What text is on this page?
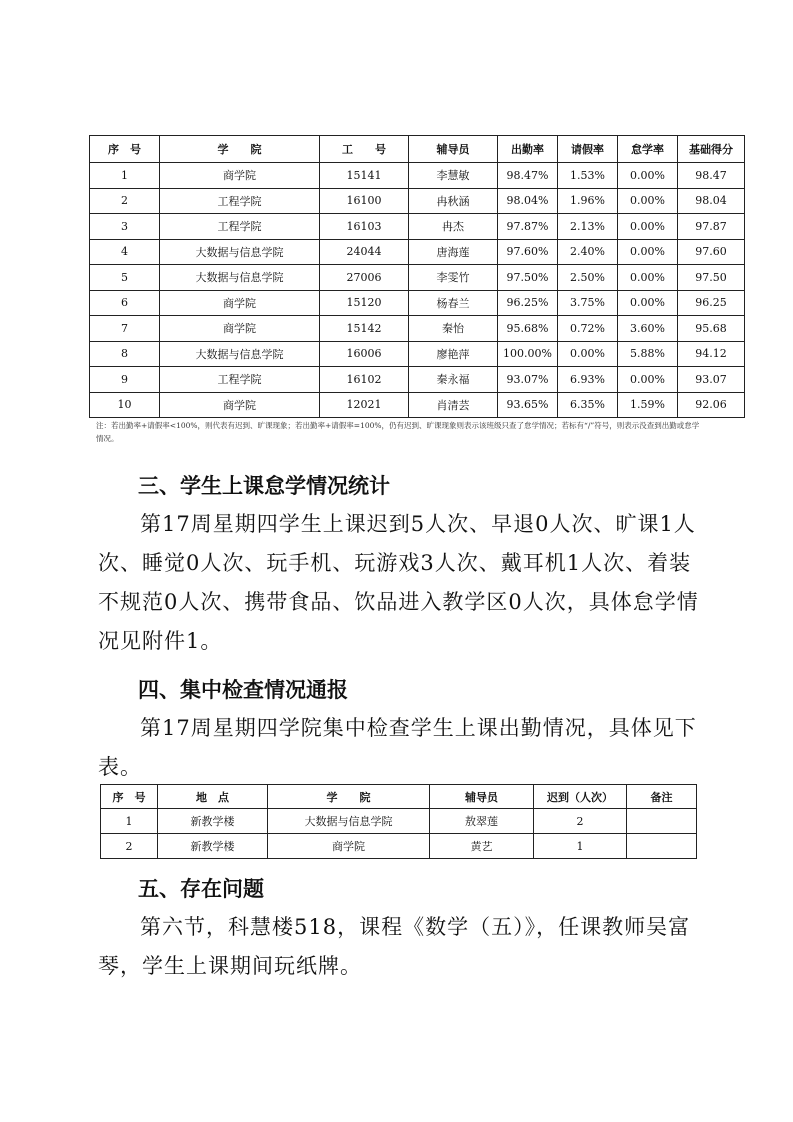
序　号	学　　院	工　　号	辅导员	出勤率	请假率	怠学率	基础得分
1	商学院	15141	李慧敏	98.47%	1.53%	0.00%	98.47
2	工程学院	16100	冉秋涵	98.04%	1.96%	0.00%	98.04
3	工程学院	16103	冉杰	97.87%	2.13%	0.00%	97.87
4	大数据与信息学院	24044	唐海莲	97.60%	2.40%	0.00%	97.60
5	大数据与信息学院	27006	李雯竹	97.50%	2.50%	0.00%	97.50
6	商学院	15120	杨春兰	96.25%	3.75%	0.00%	96.25
7	商学院	15142	秦怡	95.68%	0.72%	3.60%	95.68
8	大数据与信息学院	16006	廖艳萍	100.00%	0.00%	5.88%	94.12
9	工程学院	16102	秦永福	93.07%	6.93%	0.00%	93.07
10	商学院	12021	肖清芸	93.65%	6.35%	1.59%	92.06
注：若出勤率+请假率<100%，则代表有迟到、旷课现象；若出勤率+请假率=100%，仍有迟到、旷课现象则表示该班级只查了怠学情况；若标有“/”符号，则表示没查到出勤或怠学情况。
三、学生上课怠学情况统计
第17周星期四学生上课迟到5人次、早退0人次、旷课1人次、睡觉0人次、玩手机、玩游戏3人次、戴耳机1人次、着装不规范0人次、携带食品、饮品进入教学区0人次，具体怠学情况见附件1。
四、集中检查情况通报
第17周星期四学院集中检查学生上课出勤情况，具体见下表。
序　号	地　点	学　　院	辅导员	迟到（人次）	备注
1	新教学楼	大数据与信息学院	敖翠莲	2	
2	新教学楼	商学院	黄艺	1	
五、存在问题
第六节，科慧楼518，课程《数学（五）》，任课教师吴富琴，学生上课期间玩纸牌。
